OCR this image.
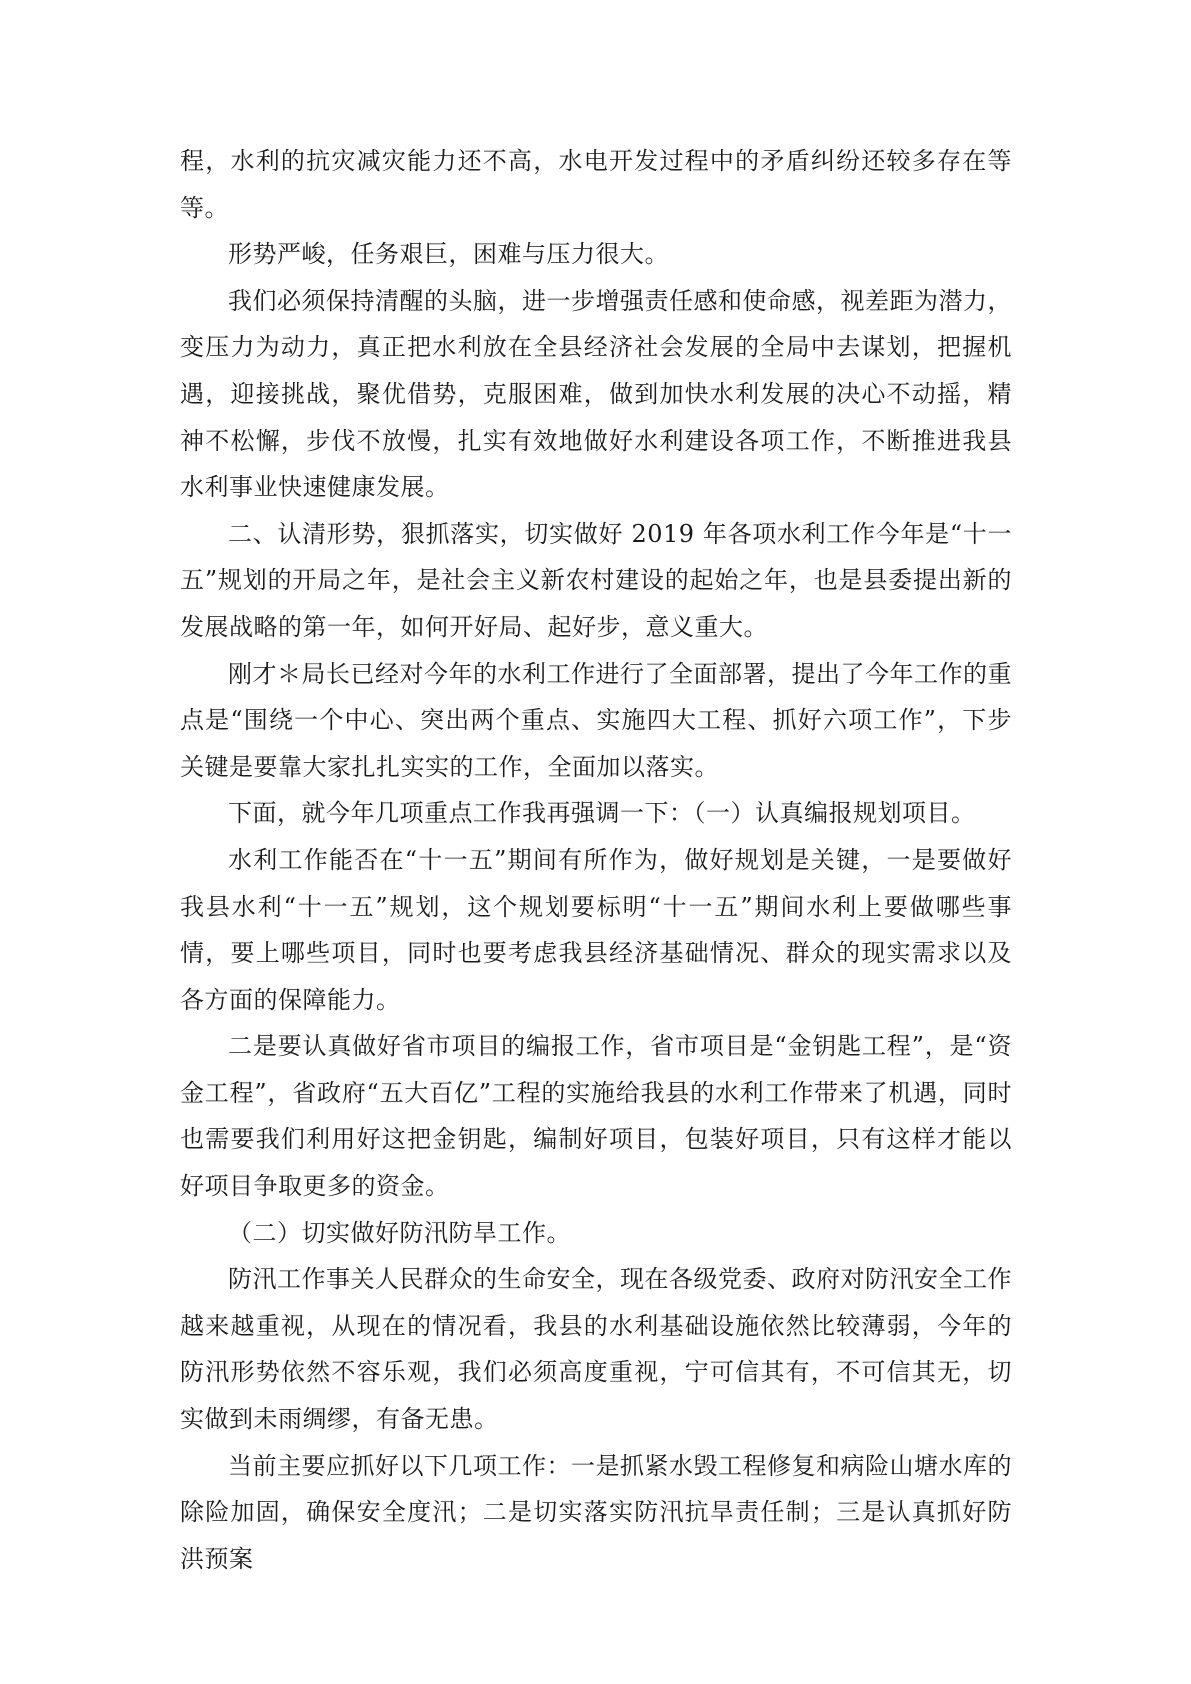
程，水利的抗灾减灾能力还不高，水电开发过程中的矛盾纠纷还较多存在等等。

形势严峻，任务艰巨，困难与压力很大。

我们必须保持清醒的头脑，进一步增强责任感和使命感，视差距为潜力，变压力为动力，真正把水利放在全县经济社会发展的全局中去谋划，把握机遇，迎接挑战，聚优借势，克服困难，做到加快水利发展的决心不动摇，精神不松懈，步伐不放慢，扎实有效地做好水利建设各项工作，不断推进我县水利事业快速健康发展。

二、认清形势，狠抓落实，切实做好 2019 年各项水利工作今年是“十一五”规划的开局之年，是社会主义新农村建设的起始之年，也是县委提出新的发展战略的第一年，如何开好局、起好步，意义重大。

刚才＊局长已经对今年的水利工作进行了全面部署，提出了今年工作的重点是“围绕一个中心、突出两个重点、实施四大工程、抓好六项工作”，下步关键是要靠大家扎扎实实的工作，全面加以落实。

下面，就今年几项重点工作我再强调一下：（一）认真编报规划项目。

水利工作能否在“十一五”期间有所作为，做好规划是关键，一是要做好我县水利“十一五”规划，这个规划要标明“十一五”期间水利上要做哪些事情，要上哪些项目，同时也要考虑我县经济基础情况、群众的现实需求以及各方面的保障能力。

二是要认真做好省市项目的编报工作，省市项目是“金钥匙工程”，是“资金工程”，省政府“五大百亿”工程的实施给我县的水利工作带来了机遇，同时也需要我们利用好这把金钥匙，编制好项目，包装好项目，只有这样才能以好项目争取更多的资金。

（二）切实做好防汛防旱工作。

防汛工作事关人民群众的生命安全，现在各级党委、政府对防汛安全工作越来越重视，从现在的情况看，我县的水利基础设施依然比较薄弱，今年的防汛形势依然不容乐观，我们必须高度重视，宁可信其有，不可信其无，切实做到未雨绸缪，有备无患。

当前主要应抓好以下几项工作：一是抓紧水毁工程修复和病险山塘水库的除险加固，确保安全度汛；二是切实落实防汛抗旱责任制；三是认真抓好防洪预案
